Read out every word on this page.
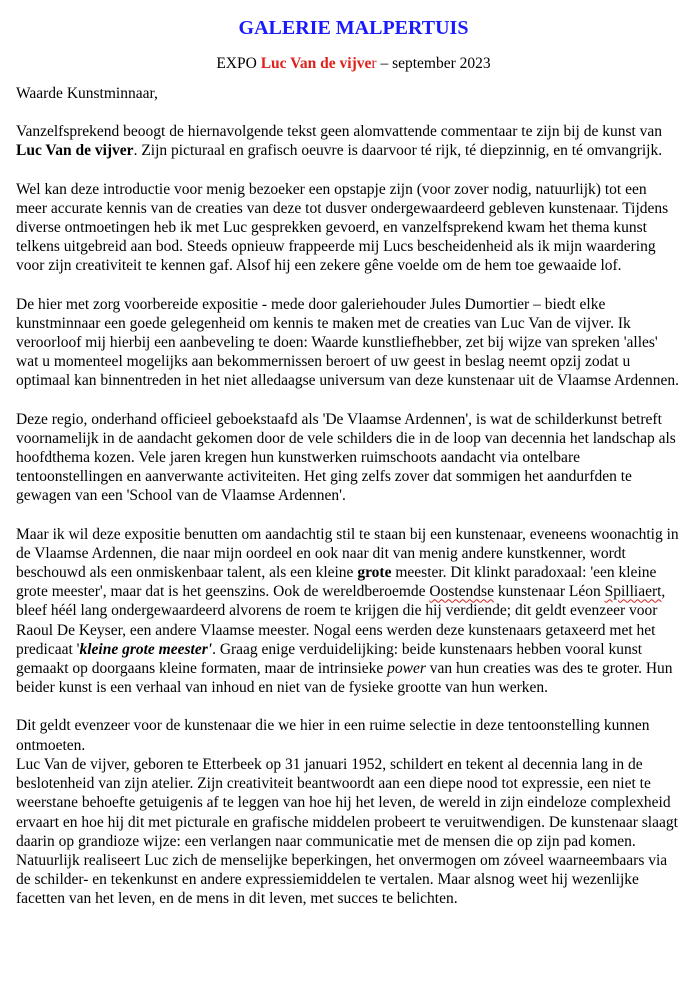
GALERIE MALPERTUIS

EXPO Luc Van de vijver – september 2023

Waarde Kunstminnaar,

Vanzelfsprekend beoogt de hiernavolgende tekst geen alomvattende commentaar te zijn bij de kunst van Luc Van de vijver. Zijn picturaal en grafisch oeuvre is daarvoor té rijk, té diepzinnig, en té omvangrijk.

Wel kan deze introductie voor menig bezoeker een opstapje zijn (voor zover nodig, natuurlijk) tot een meer accurate kennis van de creaties van deze tot dusver ondergewaardeerd gebleven kunstenaar. Tijdens diverse ontmoetingen heb ik met Luc gesprekken gevoerd, en vanzelfsprekend kwam het thema kunst telkens uitgebreid aan bod. Steeds opnieuw frappeerde mij Lucs bescheidenheid als ik mijn waardering voor zijn creativiteit te kennen gaf. Alsof hij een zekere gêne voelde om de hem toe gewaaide lof.

De hier met zorg voorbereide expositie - mede door galeriehouder Jules Dumortier – biedt elke kunstminnaar een goede gelegenheid om kennis te maken met de creaties van Luc Van de vijver. Ik veroorloof mij hierbij een aanbeveling te doen: Waarde kunstliefhebber, zet bij wijze van spreken 'alles' wat u momenteel mogelijks aan bekommernissen beroert of uw geest in beslag neemt opzij zodat u optimaal kan binnentreden in het niet alledaagse universum van deze kunstenaar uit de Vlaamse Ardennen.

Deze regio, onderhand officieel geboekstaafd als 'De Vlaamse Ardennen', is wat de schilderkunst betreft voornamelijk in de aandacht gekomen door de vele schilders die in de loop van decennia het landschap als hoofdthema kozen. Vele jaren kregen hun kunstwerken ruimschoots aandacht via ontelbare tentoonstellingen en aanverwante activiteiten. Het ging zelfs zover dat sommigen het aandurfden te gewagen van een 'School van de Vlaamse Ardennen'.

Maar ik wil deze expositie benutten om aandachtig stil te staan bij een kunstenaar, eveneens woonachtig in de Vlaamse Ardennen, die naar mijn oordeel en ook naar dit van menig andere kunstkenner, wordt beschouwd als een onmiskenbaar talent, als een kleine grote meester. Dit klinkt paradoxaal: 'een kleine grote meester', maar dat is het geenszins. Ook de wereldberoemde Oostendse kunstenaar Léon Spilliaert, bleef héél lang ondergewaardeerd alvorens de roem te krijgen die hij verdiende; dit geldt evenzeer voor Raoul De Keyser, een andere Vlaamse meester. Nogal eens werden deze kunstenaars getaxeerd met het predicaat 'kleine grote meester'. Graag enige verduidelijking: beide kunstenaars hebben vooral kunst gemaakt op doorgaans kleine formaten, maar de intrinsieke power van hun creaties was des te groter. Hun beider kunst is een verhaal van inhoud en niet van de fysieke grootte van hun werken.

Dit geldt evenzeer voor de kunstenaar die we hier in een ruime selectie in deze tentoonstelling kunnen ontmoeten.

Luc Van de vijver, geboren te Etterbeek op 31 januari 1952, schildert en tekent al decennia lang in de beslotenheid van zijn atelier. Zijn creativiteit beantwoordt aan een diepe nood tot expressie, een niet te weerstane behoefte getuigenis af te leggen van hoe hij het leven, de wereld in zijn eindeloze complexheid ervaart en hoe hij dit met picturale en grafische middelen probeert te veruitwendigen. De kunstenaar slaagt daarin op grandioze wijze: een verlangen naar communicatie met de mensen die op zijn pad komen. Natuurlijk realiseert Luc zich de menselijke beperkingen, het onvermogen om zóveel waarneembaars via de schilder- en tekenkunst en andere expressiemiddelen te vertalen. Maar alsnog weet hij wezenlijke facetten van het leven, en de mens in dit leven, met succes te belichten.
